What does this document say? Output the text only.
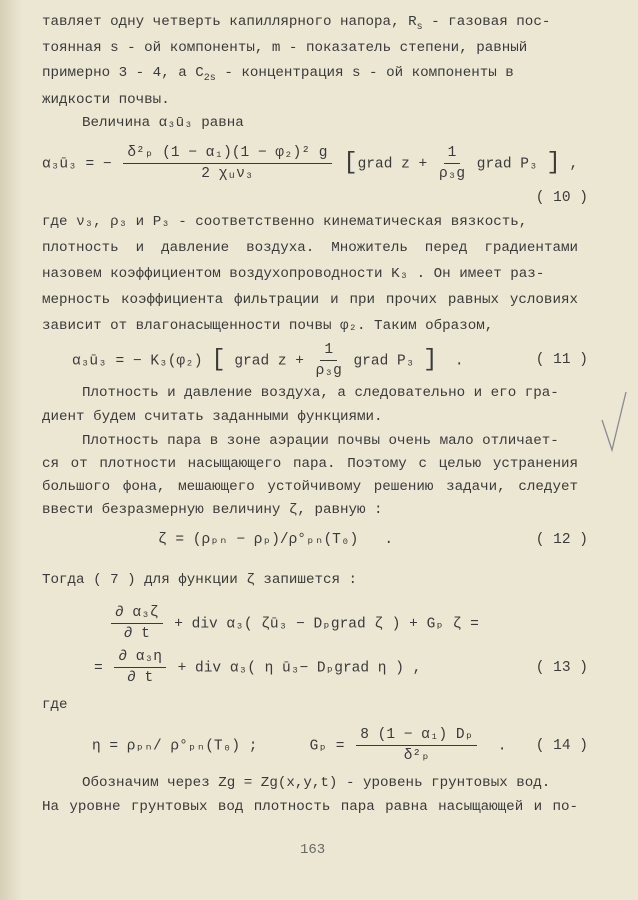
тавляет одну четверть капиллярного напора, $R_s$ - газовая пос-
тоянная s - ой компоненты, m - показатель степени, равный
примерно 3 - 4, а $C_{2s}$ - концентрация s - ой компоненты в
жидкости почвы.
Величина α₃ū₃ равна
α₃ū₃ = − $\frac{\text{δ²ₚ (1 − α₁)(1 − φ₂)² g}}{\text{2 χᵤν₃}}$ [grad $z + \frac{1}{\text{ρ₃g}}$ grad P₃ ] ,
( 10 )
где ν₃, ρ₃ и P₃ - соответственно кинематическая вязкость,
плотность и давление воздуха. Множитель перед градиентами
назовем коэффициентом воздухопроводности K₃ . Он имеет раз-
мерность коэффициента фильтрации и при прочих равных условиях
зависит от влагонасыщенности почвы φ₂. Таким образом,
α₃ū₃ = − K₃(φ₂) [ grad $z + \frac{1}{\text{ρ₃g}}$ grad P₃ ]  .	( 11 )
Плотность и давление воздуха, а следовательно и его гра-
диент будем считать заданными функциями.
Плотность пара в зоне аэрации почвы очень мало отличает-
ся от плотности насыщающего пара. Поэтому с целью устранения
большого фона, мешающего устойчивому решению задачи, следует
ввести безразмерную величину ζ, равную :
ζ = (ρₚₙ − ρₚ)/ρ°ₚₙ(T₀)   .	( 12 )
Тогда ( 7 ) для функции ζ запишется :
$\frac{\text{∂ α₃ζ}}{\partial t}$ + div α₃( ζū₃ − Dₚgrad ζ ) + Gₚ ζ =
= $\frac{\text{∂ α₃η}}{\partial t}$ + div α₃( η ū₃− Dₚgrad η ) ,	( 13 )
где
η = ρₚₙ/ ρ°ₚₙ(T₀) ;	$G_p = \frac{\text{8 (1 − α₁) Dₚ}}{\text{δ²ₚ}}$ . ( 14 )
Обозначим через Zg = Zg(x,y,t) - уровень грунтовых вод.
На уровне грунтовых вод плотность пара равна насыщающей и по-
163
